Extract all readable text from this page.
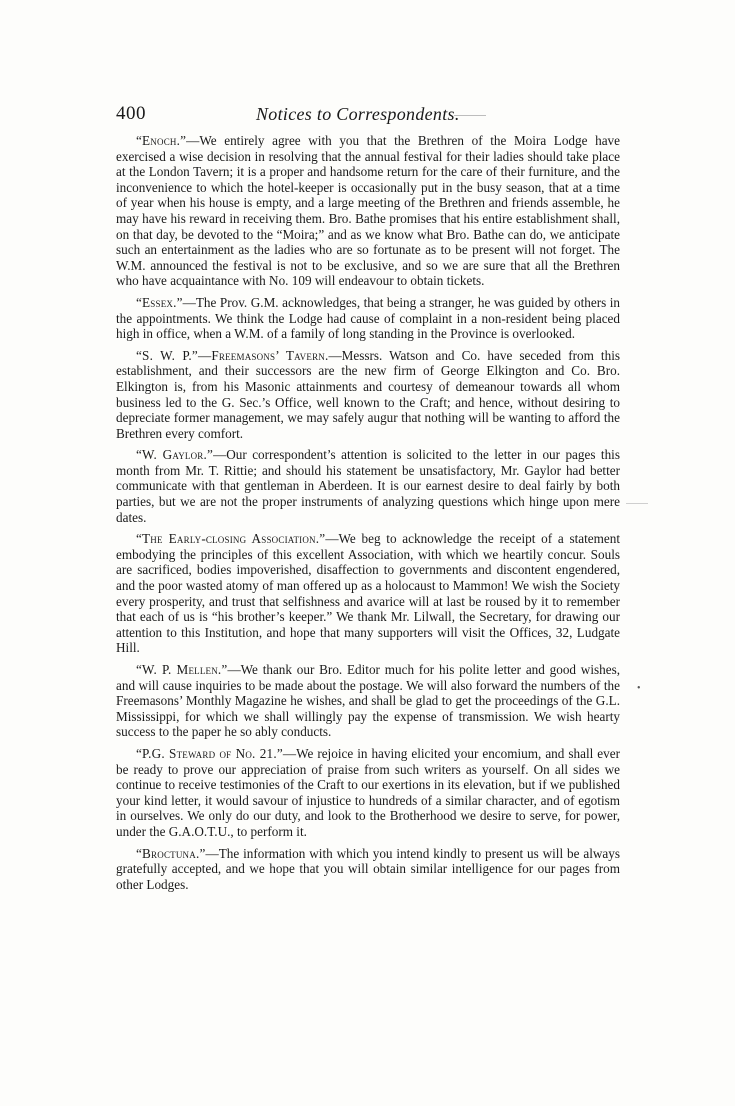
400	Notices to Correspondents.

“Enoch.”—We entirely agree with you that the Brethren of the Moira Lodge have exercised a wise decision in resolving that the annual festival for their ladies should take place at the London Tavern; it is a proper and handsome return for the care of their furniture, and the inconvenience to which the hotel-keeper is occasionally put in the busy season, that at a time of year when his house is empty, and a large meeting of the Brethren and friends assemble, he may have his reward in receiving them. Bro. Bathe promises that his entire establishment shall, on that day, be devoted to the “Moira;” and as we know what Bro. Bathe can do, we anticipate such an entertainment as the ladies who are so fortunate as to be present will not forget. The W.M. announced the festival is not to be exclusive, and so we are sure that all the Brethren who have acquaintance with No. 109 will endeavour to obtain tickets.

“Essex.”—The Prov. G.M. acknowledges, that being a stranger, he was guided by others in the appointments. We think the Lodge had cause of complaint in a non-resident being placed high in office, when a W.M. of a family of long standing in the Province is overlooked.

“S. W. P.”—Freemasons’ Tavern.—Messrs. Watson and Co. have seceded from this establishment, and their successors are the new firm of George Elkington and Co. Bro. Elkington is, from his Masonic attainments and courtesy of demeanour towards all whom business led to the G. Sec.’s Office, well known to the Craft; and hence, without desiring to depreciate former management, we may safely augur that nothing will be wanting to afford the Brethren every comfort.

“W. Gaylor.”—Our correspondent’s attention is solicited to the letter in our pages this month from Mr. T. Rittie; and should his statement be unsatisfactory, Mr. Gaylor had better communicate with that gentleman in Aberdeen. It is our earnest desire to deal fairly by both parties, but we are not the proper instruments of analyzing questions which hinge upon mere dates.

“The Early-closing Association.”—We beg to acknowledge the receipt of a statement embodying the principles of this excellent Association, with which we heartily concur. Souls are sacrificed, bodies impoverished, disaffection to governments and discontent engendered, and the poor wasted atomy of man offered up as a holocaust to Mammon! We wish the Society every prosperity, and trust that selfishness and avarice will at last be roused by it to remember that each of us is “his brother’s keeper.” We thank Mr. Lilwall, the Secretary, for drawing our attention to this Institution, and hope that many supporters will visit the Offices, 32, Ludgate Hill.

“W. P. Mellen.”—We thank our Bro. Editor much for his polite letter and good wishes, and will cause inquiries to be made about the postage. We will also forward the numbers of the Freemasons’ Monthly Magazine he wishes, and shall be glad to get the proceedings of the G.L. Mississippi, for which we shall willingly pay the expense of transmission. We wish hearty success to the paper he so ably conducts.

“P.G. Steward of No. 21.”—We rejoice in having elicited your encomium, and shall ever be ready to prove our appreciation of praise from such writers as yourself. On all sides we continue to receive testimonies of the Craft to our exertions in its elevation, but if we published your kind letter, it would savour of injustice to hundreds of a similar character, and of egotism in ourselves. We only do our duty, and look to the Brotherhood we desire to serve, for power, under the G.A.O.T.U., to perform it.

“Broctuna.”—The information with which you intend kindly to present us will be always gratefully accepted, and we hope that you will obtain similar intelligence for our pages from other Lodges.

•
